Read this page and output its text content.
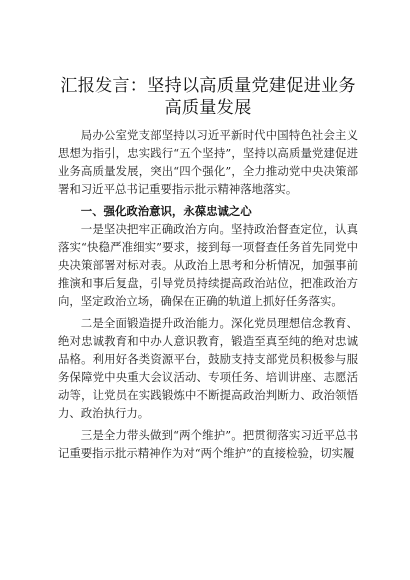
汇报发言：坚持以高质量党建促进业务高质量发展

局办公室党支部坚持以习近平新时代中国特色社会主义思想为指引，忠实践行“五个坚持”，坚持以高质量党建促进业务高质量发展，突出“四个强化”，全力推动党中央决策部署和习近平总书记重要指示批示精神落地落实。

一、强化政治意识，永葆忠诚之心

一是坚决把牢正确政治方向。坚持政治督查定位，认真落实“快稳严准细实”要求，接到每一项督查任务首先同党中央决策部署对标对表。从政治上思考和分析情况，加强事前推演和事后复盘，引导党员持续提高政治站位，把准政治方向，坚定政治立场，确保在正确的轨道上抓好任务落实。

二是全面锻造提升政治能力。深化党员理想信念教育、绝对忠诚教育和中办人意识教育，锻造至真至纯的绝对忠诚品格。利用好各类资源平台，鼓励支持支部党员积极参与服务保障党中央重大会议活动、专项任务、培训讲座、志愿活动等，让党员在实践锻炼中不断提高政治判断力、政治领悟力、政治执行力。

三是全力带头做到“两个维护”。把贯彻落实习近平总书记重要指示批示精神作为对“两个维护”的直接检验，切实履
